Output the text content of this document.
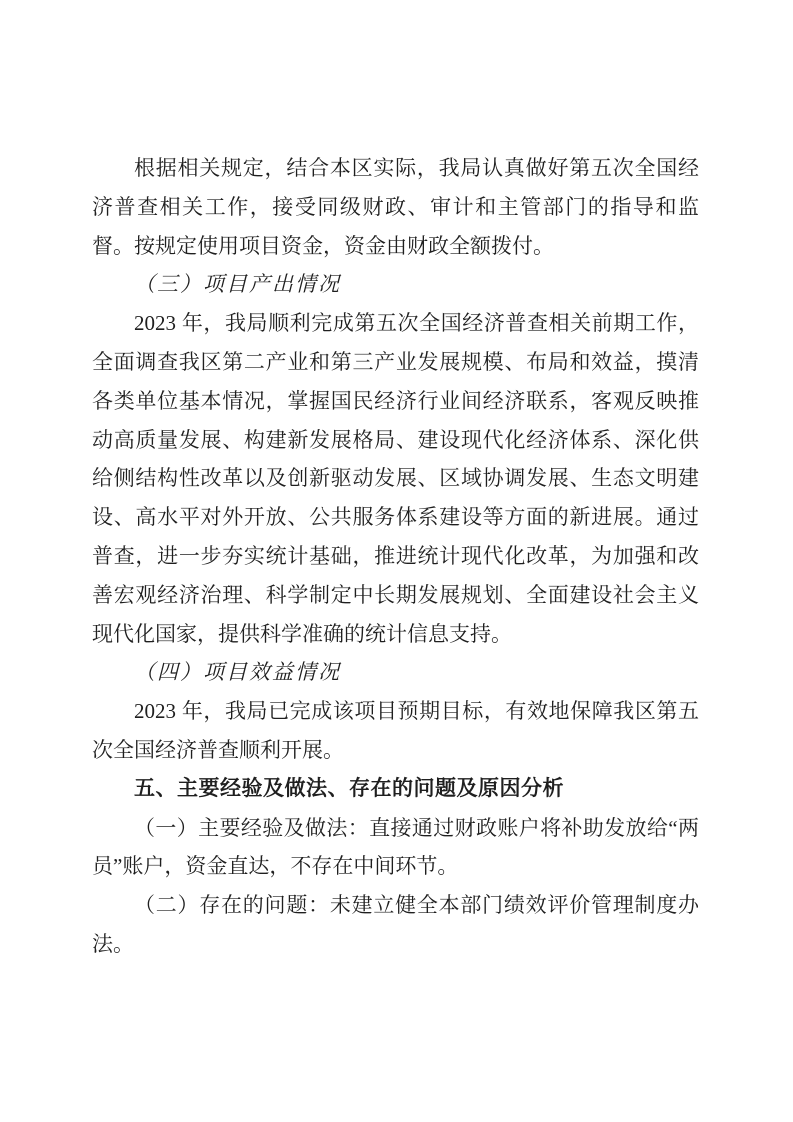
根据相关规定，结合本区实际，我局认真做好第五次全国经济普查相关工作，接受同级财政、审计和主管部门的指导和监督。按规定使用项目资金，资金由财政全额拨付。
（三）项目产出情况
2023 年，我局顺利完成第五次全国经济普查相关前期工作，全面调查我区第二产业和第三产业发展规模、布局和效益，摸清各类单位基本情况，掌握国民经济行业间经济联系，客观反映推动高质量发展、构建新发展格局、建设现代化经济体系、深化供给侧结构性改革以及创新驱动发展、区域协调发展、生态文明建设、高水平对外开放、公共服务体系建设等方面的新进展。通过普查，进一步夯实统计基础，推进统计现代化改革，为加强和改善宏观经济治理、科学制定中长期发展规划、全面建设社会主义现代化国家，提供科学准确的统计信息支持。
（四）项目效益情况
2023 年，我局已完成该项目预期目标，有效地保障我区第五次全国经济普查顺利开展。
五、主要经验及做法、存在的问题及原因分析
（一）主要经验及做法：直接通过财政账户将补助发放给“两员”账户，资金直达，不存在中间环节。
（二）存在的问题：未建立健全本部门绩效评价管理制度办法。
